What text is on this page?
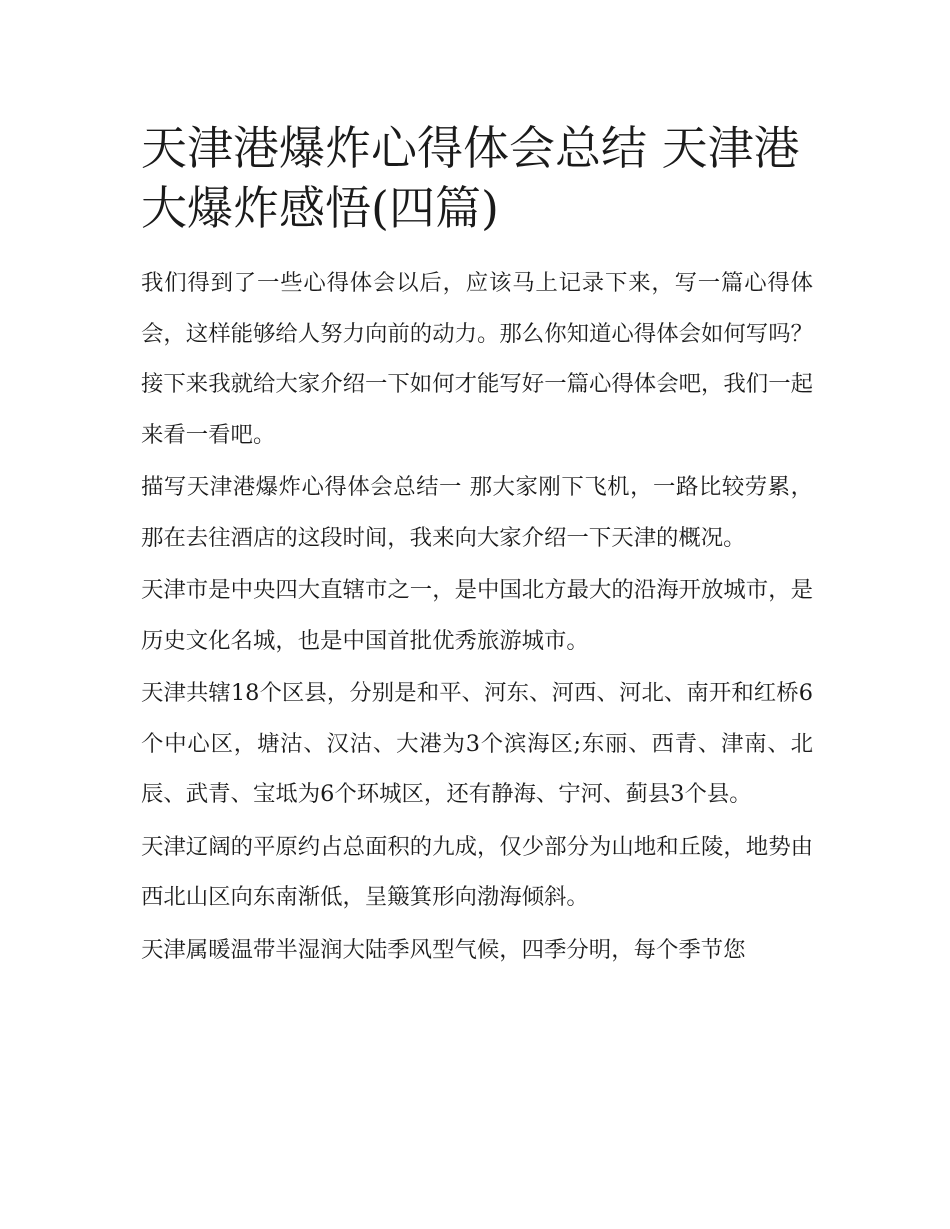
天津港爆炸心得体会总结 天津港大爆炸感悟(四篇)

我们得到了一些心得体会以后，应该马上记录下来，写一篇心得体会，这样能够给人努力向前的动力。那么你知道心得体会如何写吗？接下来我就给大家介绍一下如何才能写好一篇心得体会吧，我们一起来看一看吧。

描写天津港爆炸心得体会总结一 那大家刚下飞机，一路比较劳累，那在去往酒店的这段时间，我来向大家介绍一下天津的概况。

天津市是中央四大直辖市之一，是中国北方最大的沿海开放城市，是历史文化名城，也是中国首批优秀旅游城市。

天津共辖18个区县，分别是和平、河东、河西、河北、南开和红桥6个中心区，塘沽、汉沽、大港为3个滨海区;东丽、西青、津南、北辰、武青、宝坻为6个环城区，还有静海、宁河、蓟县3个县。

天津辽阔的平原约占总面积的九成，仅少部分为山地和丘陵，地势由西北山区向东南渐低，呈簸箕形向渤海倾斜。

天津属暖温带半湿润大陆季风型气候，四季分明，每个季节您
